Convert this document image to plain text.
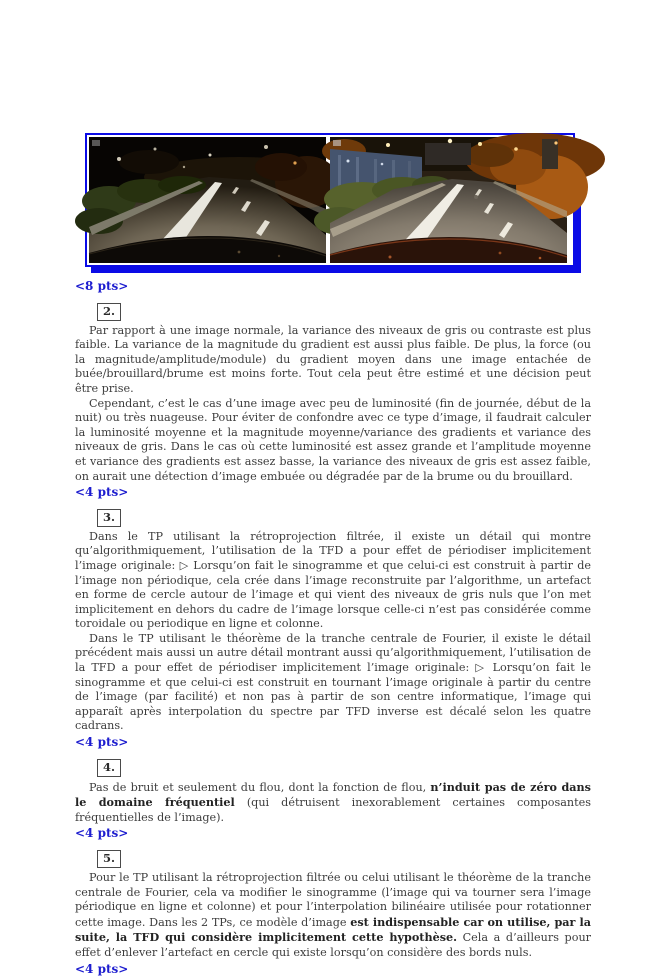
<8 pts>
2.

Par rapport à une image normale, la variance des niveaux de gris ou contraste est plus faible. La variance de la magnitude du gradient est aussi plus faible. De plus, la force (ou la magnitude/amplitude/module) du gradient moyen dans une image entachée de buée/brouillard/brume est moins forte. Tout cela peut être estimé et une décision peut être prise.

Cependant, c’est le cas d’une image avec peu de luminosité (fin de journée, début de la nuit) ou très nuageuse. Pour éviter de confondre avec ce type d’image, il faudrait calculer la luminosité moyenne et la magnitude moyenne/variance des gradients et variance des niveaux de gris. Dans le cas où cette luminosité est assez grande et l’amplitude moyenne et variance des gradients est assez basse, la variance des niveaux de gris est assez faible, on aurait une détection d’image embuée ou dégradée par de la brume ou du brouillard.

<4 pts>
3.

Dans le TP utilisant la rétroprojection filtrée, il existe un détail qui montre qu’algorithmiquement, l’utilisation de la TFD a pour effet de périodiser implicitement l’image originale: ▷ Lorsqu’on fait le sinogramme et que celui-ci est construit à partir de l’image non périodique, cela crée dans l’image reconstruite par l’algorithme, un artefact en forme de cercle autour de l’image et qui vient des niveaux de gris nuls que l’on met implicitement en dehors du cadre de l’image lorsque celle-ci n’est pas considérée comme toroidale ou periodique en ligne et colonne.

Dans le TP utilisant le théorème de la tranche centrale de Fourier, il existe le détail précédent mais aussi un autre détail montrant aussi qu’algorithmiquement, l’utilisation de la TFD a pour effet de périodiser implicitement l’image originale: ▷ Lorsqu’on fait le sinogramme et que celui-ci est construit en tournant l’image originale à partir du centre de l’image (par facilité) et non pas à partir de son centre informatique, l’image qui apparaît après interpolation du spectre par TFD inverse est décalé selon les quatre cadrans.

<4 pts>
4.

Pas de bruit et seulement du flou, dont la fonction de flou, n’induit pas de zéro dans le domaine fréquentiel (qui détruisent inexorablement certaines composantes fréquentielles de l’image).

<4 pts>
5.

Pour le TP utilisant la rétroprojection filtrée ou celui utilisant le théorème de la tranche centrale de Fourier, cela va modifier le sinogramme (l’image qui va tourner sera l’image périodique en ligne et colonne) et pour l’interpolation bilinéaire utilisée pour rotationner cette image. Dans les 2 TPs, ce modèle d’image est indispensable car on utilise, par la suite, la TFD qui considère implicitement cette hypothèse. Cela a d’ailleurs pour effet d’enlever l’artefact en cercle qui existe lorsqu’on considère des bords nuls.

<4 pts>
